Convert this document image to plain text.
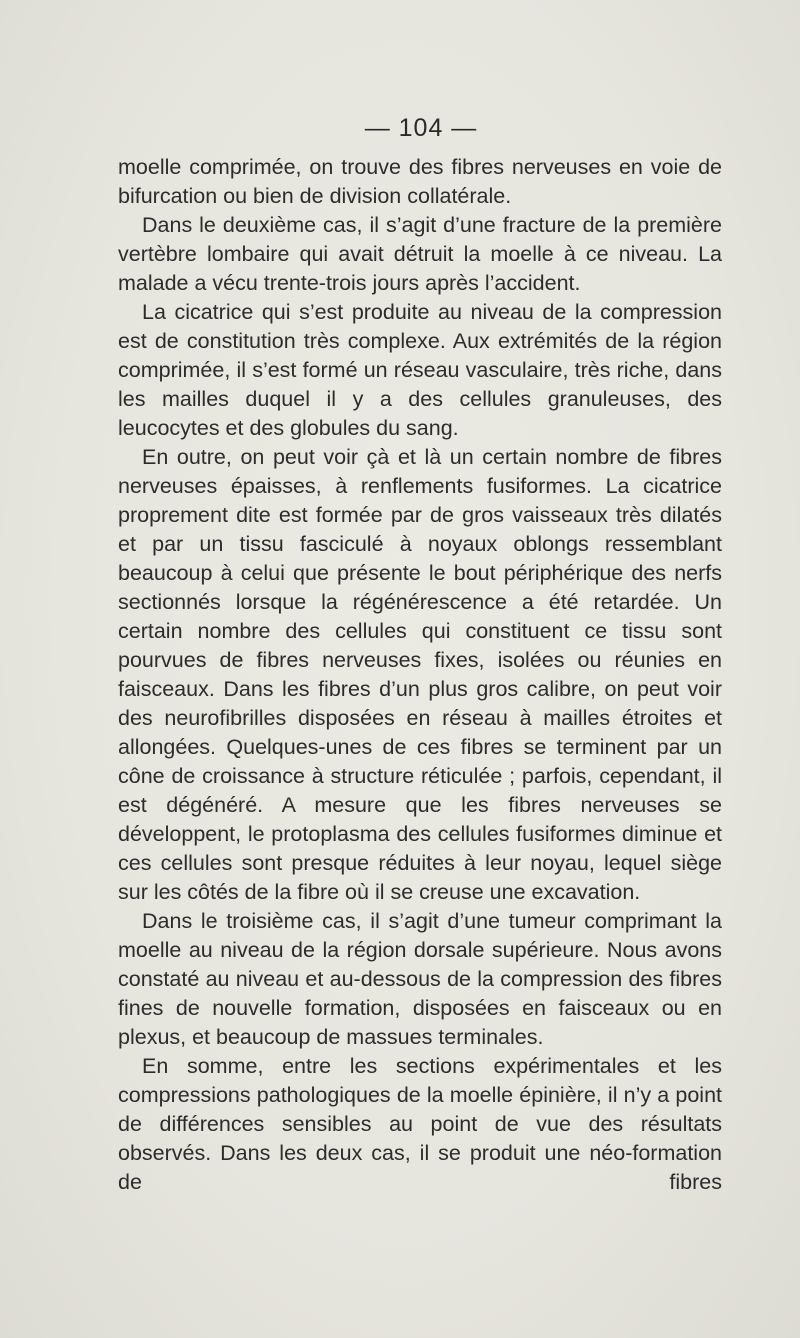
— 104 —

moelle comprimée, on trouve des fibres nerveuses en voie de bifurcation ou bien de division collatérale.

Dans le deuxième cas, il s’agit d’une fracture de la première vertèbre lombaire qui avait détruit la moelle à ce niveau. La malade a vécu trente-trois jours après l’accident.

La cicatrice qui s’est produite au niveau de la compression est de constitution très complexe. Aux extrémités de la région comprimée, il s’est formé un réseau vasculaire, très riche, dans les mailles duquel il y a des cellules granuleuses, des leucocytes et des globules du sang.

En outre, on peut voir çà et là un certain nombre de fibres nerveuses épaisses, à renflements fusiformes. La cicatrice proprement dite est formée par de gros vaisseaux très dilatés et par un tissu fasciculé à noyaux oblongs ressemblant beaucoup à celui que présente le bout périphérique des nerfs sectionnés lorsque la régénérescence a été retardée. Un certain nombre des cellules qui constituent ce tissu sont pourvues de fibres nerveuses fixes, isolées ou réunies en faisceaux. Dans les fibres d’un plus gros calibre, on peut voir des neurofibrilles disposées en réseau à mailles étroites et allongées. Quelques-unes de ces fibres se terminent par un cône de croissance à structure réticulée ; parfois, cependant, il est dégénéré. A mesure que les fibres nerveuses se développent, le protoplasma des cellules fusiformes diminue et ces cellules sont presque réduites à leur noyau, lequel siège sur les côtés de la fibre où il se creuse une excavation.

Dans le troisième cas, il s’agit d’une tumeur comprimant la moelle au niveau de la région dorsale supérieure. Nous avons constaté au niveau et au-dessous de la compression des fibres fines de nouvelle formation, disposées en faisceaux ou en plexus, et beaucoup de massues terminales.

En somme, entre les sections expérimentales et les compressions pathologiques de la moelle épinière, il n’y a point de différences sensibles au point de vue des résultats observés. Dans les deux cas, il se produit une néo-formation de fibres
